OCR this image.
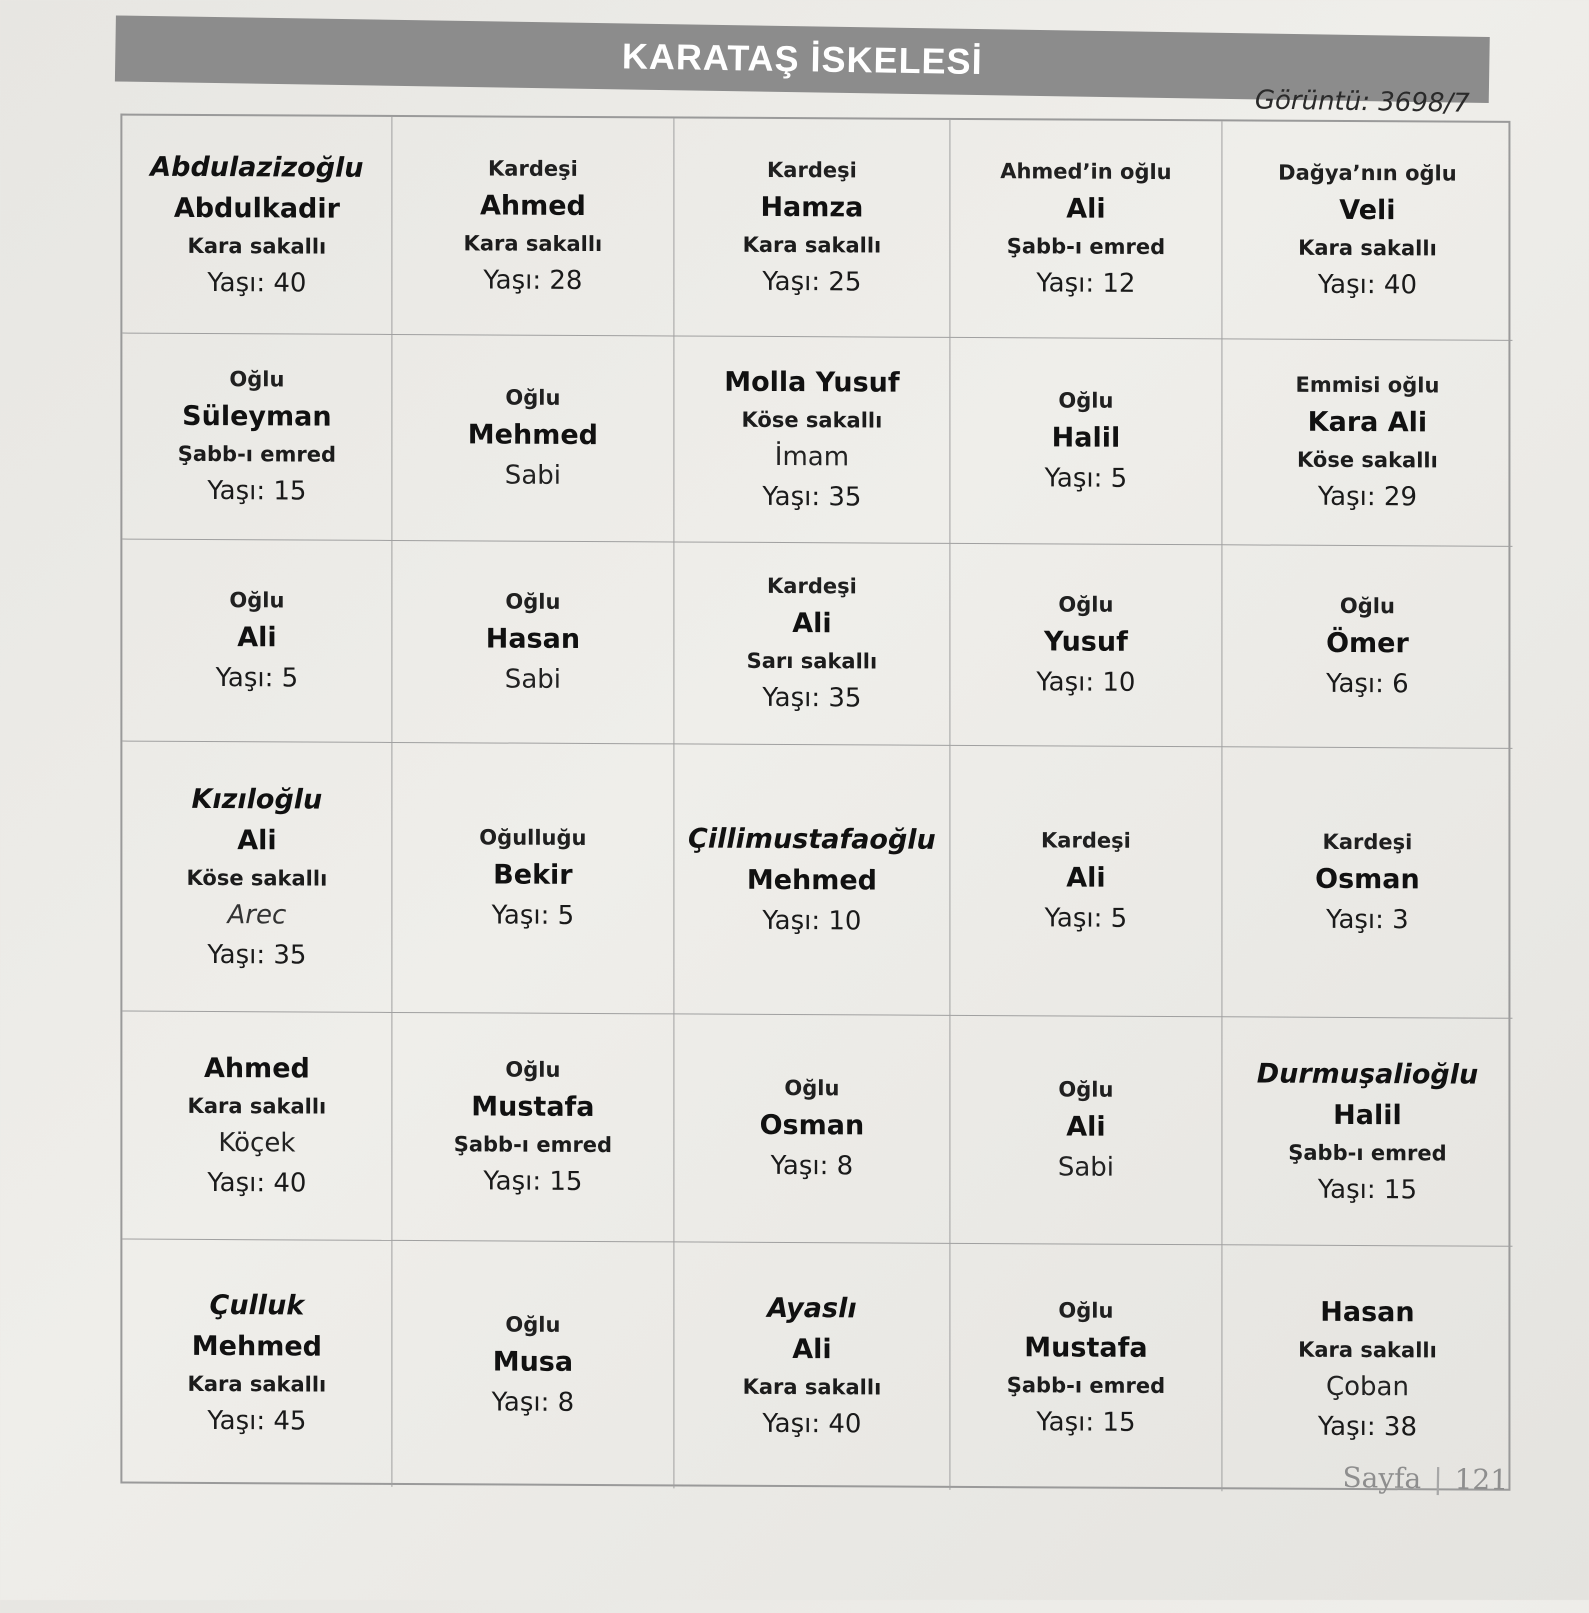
KARATAŞ İSKELESİ
Görüntü: 3698/7
Abdulazizoğlu
Abdulkadir
Kara sakallı
Yaşı: 40
Kardeşi
Ahmed
Kara sakallı
Yaşı: 28
Kardeşi
Hamza
Kara sakallı
Yaşı: 25
Ahmed’in oğlu
Ali
Şabb-ı emred
Yaşı: 12
Dağya’nın oğlu
Veli
Kara sakallı
Yaşı: 40
Oğlu
Süleyman
Şabb-ı emred
Yaşı: 15
Oğlu
Mehmed
Sabi
Molla Yusuf
Köse sakallı
İmam
Yaşı: 35
Oğlu
Halil
Yaşı: 5
Emmisi oğlu
Kara Ali
Köse sakallı
Yaşı: 29
Oğlu
Ali
Yaşı: 5
Oğlu
Hasan
Sabi
Kardeşi
Ali
Sarı sakallı
Yaşı: 35
Oğlu
Yusuf
Yaşı: 10
Oğlu
Ömer
Yaşı: 6
Kızıloğlu
Ali
Köse sakallı
Arec
Yaşı: 35
Oğulluğu
Bekir
Yaşı: 5
Çillimustafaoğlu
Mehmed
Yaşı: 10
Kardeşi
Ali
Yaşı: 5
Kardeşi
Osman
Yaşı: 3
Ahmed
Kara sakallı
Köçek
Yaşı: 40
Oğlu
Mustafa
Şabb-ı emred
Yaşı: 15
Oğlu
Osman
Yaşı: 8
Oğlu
Ali
Sabi
Durmuşalioğlu
Halil
Şabb-ı emred
Yaşı: 15
Çulluk
Mehmed
Kara sakallı
Yaşı: 45
Oğlu
Musa
Yaşı: 8
Ayaslı
Ali
Kara sakallı
Yaşı: 40
Oğlu
Mustafa
Şabb-ı emred
Yaşı: 15
Hasan
Kara sakallı
Çoban
Yaşı: 38
Sayfa | 121
